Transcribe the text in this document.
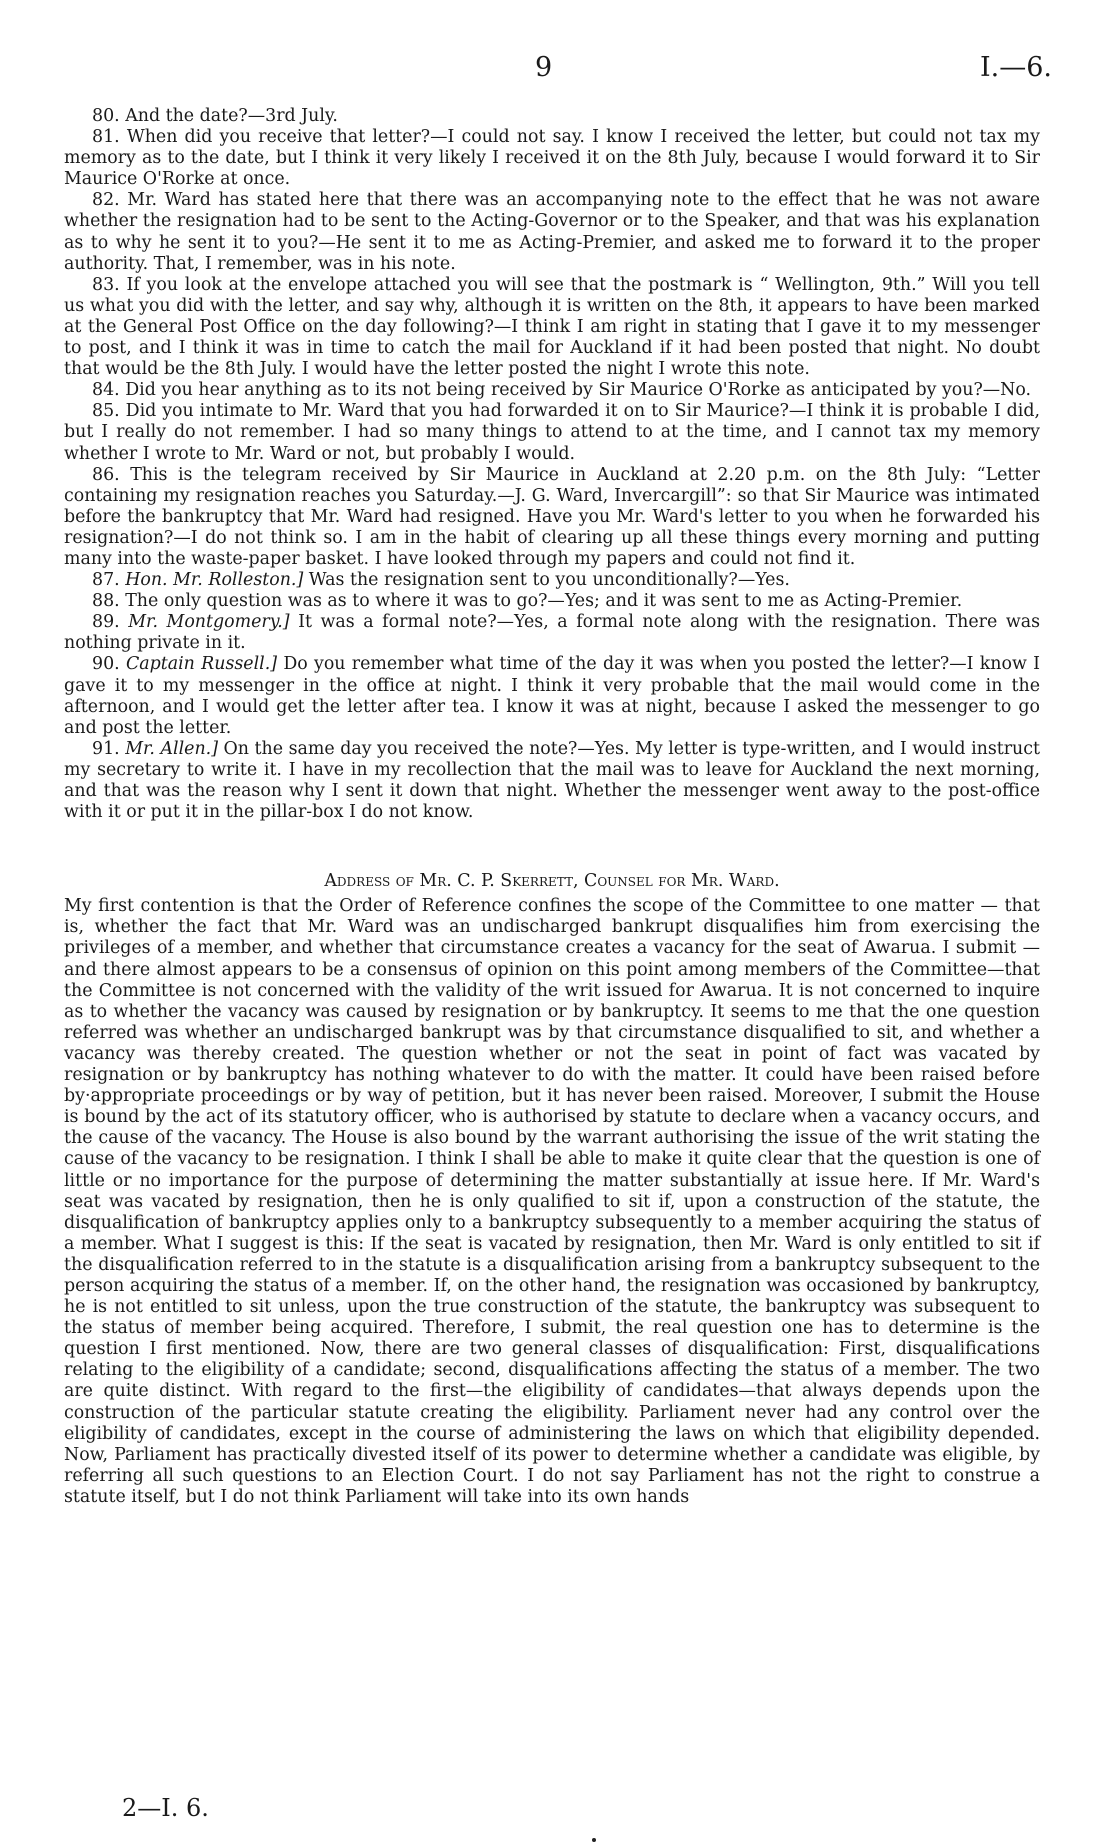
9	I.—6.

80. And the date?—3rd July.

81. When did you receive that letter?—I could not say. I know I received the letter, but could not tax my memory as to the date, but I think it very likely I received it on the 8th July, because I would forward it to Sir Maurice O'Rorke at once.

82. Mr. Ward has stated here that there was an accompanying note to the effect that he was not aware whether the resignation had to be sent to the Acting-Governor or to the Speaker, and that was his explanation as to why he sent it to you?—He sent it to me as Acting-Premier, and asked me to forward it to the proper authority. That, I remember, was in his note.

83. If you look at the envelope attached you will see that the postmark is “ Wellington, 9th.” Will you tell us what you did with the letter, and say why, although it is written on the 8th, it appears to have been marked at the General Post Office on the day following?—I think I am right in stating that I gave it to my messenger to post, and I think it was in time to catch the mail for Auckland if it had been posted that night. No doubt that would be the 8th July. I would have the letter posted the night I wrote this note.

84. Did you hear anything as to its not being received by Sir Maurice O'Rorke as anticipated by you?—No.

85. Did you intimate to Mr. Ward that you had forwarded it on to Sir Maurice?—I think it is probable I did, but I really do not remember. I had so many things to attend to at the time, and I cannot tax my memory whether I wrote to Mr. Ward or not, but probably I would.

86. This is the telegram received by Sir Maurice in Auckland at 2.20 p.m. on the 8th July: “Letter containing my resignation reaches you Saturday.—J. G. Ward, Invercargill”: so that Sir Maurice was intimated before the bankruptcy that Mr. Ward had resigned. Have you Mr. Ward's letter to you when he forwarded his resignation?—I do not think so. I am in the habit of clearing up all these things every morning and putting many into the waste-paper basket. I have looked through my papers and could not find it.

87. Hon. Mr. Rolleston.] Was the resignation sent to you unconditionally?—Yes.

88. The only question was as to where it was to go?—Yes; and it was sent to me as Acting-Premier.

89. Mr. Montgomery.] It was a formal note?—Yes, a formal note along with the resignation. There was nothing private in it.

90. Captain Russell.] Do you remember what time of the day it was when you posted the letter?—I know I gave it to my messenger in the office at night. I think it very probable that the mail would come in the afternoon, and I would get the letter after tea. I know it was at night, because I asked the messenger to go and post the letter.

91. Mr. Allen.] On the same day you received the note?—Yes. My letter is type-written, and I would instruct my secretary to write it. I have in my recollection that the mail was to leave for Auckland the next morning, and that was the reason why I sent it down that night. Whether the messenger went away to the post-office with it or put it in the pillar-box I do not know.

Address of Mr. C. P. Skerrett, Counsel for Mr. Ward.

My first contention is that the Order of Reference confines the scope of the Committee to one matter — that is, whether the fact that Mr. Ward was an undischarged bankrupt disqualifies him from exercising the privileges of a member, and whether that circumstance creates a vacancy for the seat of Awarua. I submit — and there almost appears to be a consensus of opinion on this point among members of the Committee—that the Committee is not concerned with the validity of the writ issued for Awarua. It is not concerned to inquire as to whether the vacancy was caused by resignation or by bankruptcy. It seems to me that the one question referred was whether an undischarged bankrupt was by that circumstance disqualified to sit, and whether a vacancy was thereby created. The question whether or not the seat in point of fact was vacated by resignation or by bankruptcy has nothing whatever to do with the matter. It could have been raised before by·appropriate proceedings or by way of petition, but it has never been raised. Moreover, I submit the House is bound by the act of its statutory officer, who is authorised by statute to declare when a vacancy occurs, and the cause of the vacancy. The House is also bound by the warrant authorising the issue of the writ stating the cause of the vacancy to be resignation. I think I shall be able to make it quite clear that the question is one of little or no importance for the purpose of determining the matter substantially at issue here. If Mr. Ward's seat was vacated by resignation, then he is only qualified to sit if, upon a construction of the statute, the disqualification of bankruptcy applies only to a bankruptcy subsequently to a member acquiring the status of a member. What I suggest is this: If the seat is vacated by resignation, then Mr. Ward is only entitled to sit if the disqualification referred to in the statute is a disqualification arising from a bankruptcy subsequent to the person acquiring the status of a member. If, on the other hand, the resignation was occasioned by bankruptcy, he is not entitled to sit unless, upon the true construction of the statute, the bankruptcy was subsequent to the status of member being acquired. Therefore, I submit, the real question one has to determine is the question I first mentioned. Now, there are two general classes of disqualification: First, disqualifications relating to the eligibility of a candidate; second, disqualifications affecting the status of a member. The two are quite distinct. With regard to the first—the eligibility of candidates—that always depends upon the construction of the particular statute creating the eligibility. Parliament never had any control over the eligibility of candidates, except in the course of administering the laws on which that eligibility depended. Now, Parliament has practically divested itself of its power to determine whether a candidate was eligible, by referring all such questions to an Election Court. I do not say Parliament has not the right to construe a statute itself, but I do not think Parliament will take into its own hands

2—I. 6.
